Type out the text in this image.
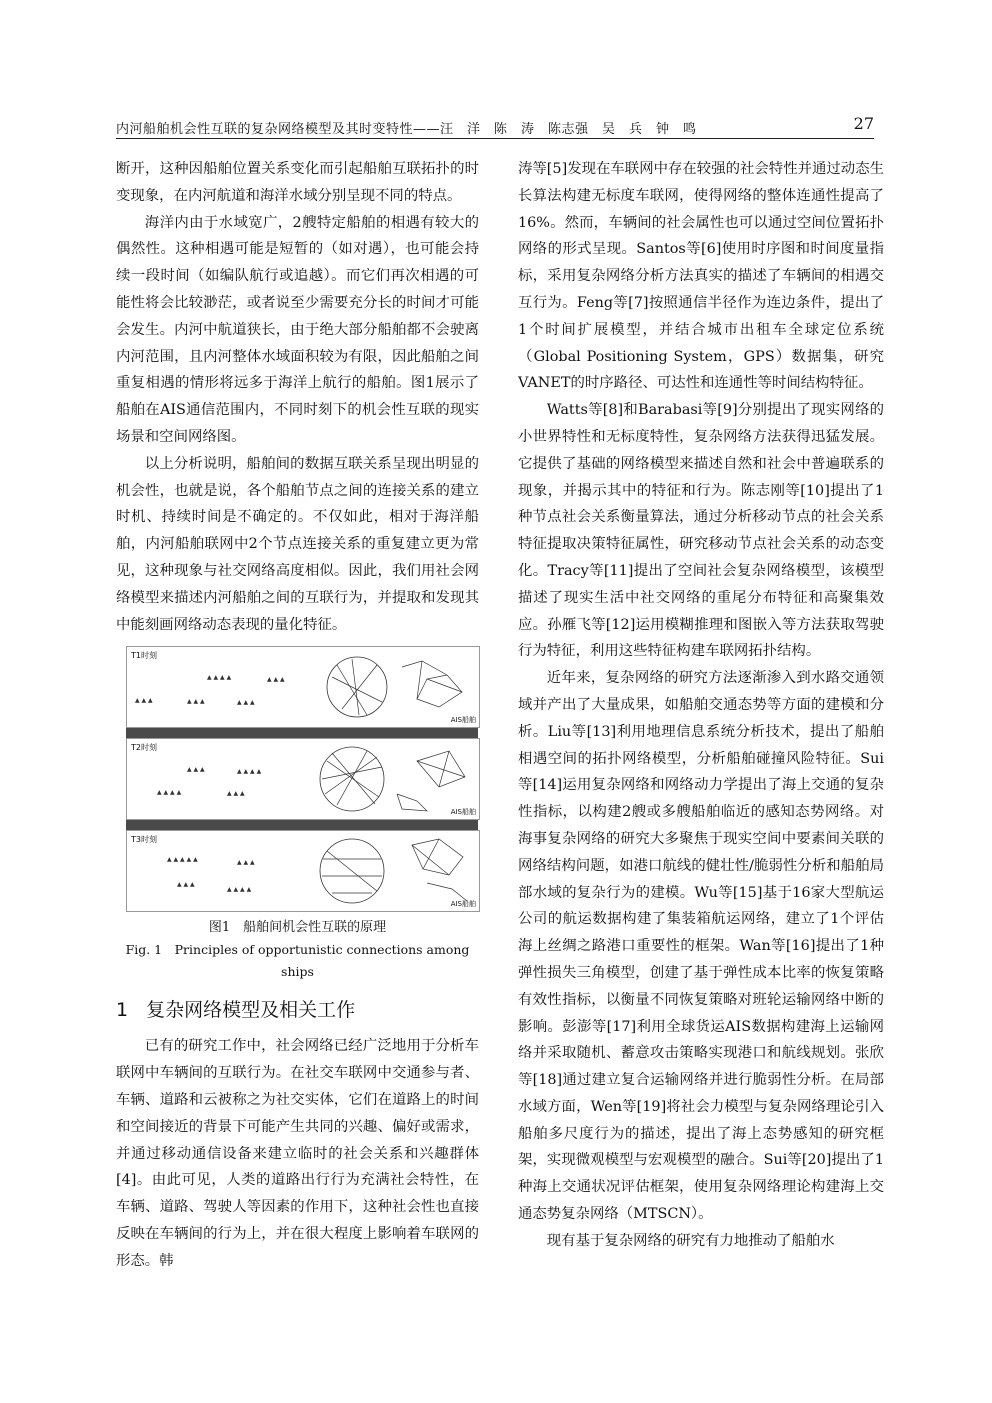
内河船舶机会性互联的复杂网络模型及其时变特性——汪　洋　陈　涛　陈志强　吴　兵　钟　鸣	27

断开，这种因船舶位置关系变化而引起船舶互联拓扑的时变现象，在内河航道和海洋水域分别呈现不同的特点。

海洋内由于水域宽广，2艘特定船舶的相遇有较大的偶然性。这种相遇可能是短暂的（如对遇），也可能会持续一段时间（如编队航行或追越）。而它们再次相遇的可能性将会比较渺茫，或者说至少需要充分长的时间才可能会发生。内河中航道狭长，由于绝大部分船舶都不会驶离内河范围，且内河整体水域面积较为有限，因此船舶之间重复相遇的情形将远多于海洋上航行的船舶。图1展示了船舶在AIS通信范围内，不同时刻下的机会性互联的现实场景和空间网络图。

以上分析说明，船舶间的数据互联关系呈现出明显的机会性，也就是说，各个船舶节点之间的连接关系的建立时机、持续时间是不确定的。不仅如此，相对于海洋船舶，内河船舶联网中2个节点连接关系的重复建立更为常见，这种现象与社交网络高度相似。因此，我们用社会网络模型来描述内河船舶之间的互联行为，并提取和发现其中能刻画网络动态表现的量化特征。

T1时刻
▲ ▲ ▲ ▲	▲ ▲ ▲
▲ ▲ ▲	▲ ▲ ▲	▲ ▲ ▲
AIS船舶
T2时刻
▲ ▲ ▲	▲ ▲ ▲ ▲
▲ ▲ ▲ ▲	▲ ▲ ▲
AIS船舶
T3时刻
▲ ▲ ▲ ▲ ▲	▲ ▲ ▲
▲ ▲ ▲
▲ ▲ ▲ ▲
AIS船舶

图1　船舶间机会性互联的原理

Fig. 1　Principles of opportunistic connections among ships

1 复杂网络模型及相关工作

已有的研究工作中，社会网络已经广泛地用于分析车联网中车辆间的互联行为。在社交车联网中交通参与者、车辆、道路和云被称之为社交实体，它们在道路上的时间和空间接近的背景下可能产生共同的兴趣、偏好或需求，并通过移动通信设备来建立临时的社会关系和兴趣群体[4]。由此可见，人类的道路出行行为充满社会特性，在车辆、道路、驾驶人等因素的作用下，这种社会性也直接反映在车辆间的行为上，并在很大程度上影响着车联网的形态。韩

涛等[5]发现在车联网中存在较强的社会特性并通过动态生长算法构建无标度车联网，使得网络的整体连通性提高了16%。然而，车辆间的社会属性也可以通过空间位置拓扑网络的形式呈现。Santos等[6]使用时序图和时间度量指标，采用复杂网络分析方法真实的描述了车辆间的相遇交互行为。Feng等[7]按照通信半径作为连边条件，提出了1个时间扩展模型，并结合城市出租车全球定位系统（Global Positioning System，GPS）数据集，研究VANET的时序路径、可达性和连通性等时间结构特征。

Watts等[8]和Barabasi等[9]分别提出了现实网络的小世界特性和无标度特性，复杂网络方法获得迅猛发展。它提供了基础的网络模型来描述自然和社会中普遍联系的现象，并揭示其中的特征和行为。陈志刚等[10]提出了1种节点社会关系衡量算法，通过分析移动节点的社会关系特征提取决策特征属性，研究移动节点社会关系的动态变化。Tracy等[11]提出了空间社会复杂网络模型，该模型描述了现实生活中社交网络的重尾分布特征和高聚集效应。孙雁飞等[12]运用模糊推理和图嵌入等方法获取驾驶行为特征，利用这些特征构建车联网拓扑结构。

近年来，复杂网络的研究方法逐渐渗入到水路交通领域并产出了大量成果，如船舶交通态势等方面的建模和分析。Liu等[13]利用地理信息系统分析技术，提出了船舶相遇空间的拓扑网络模型，分析船舶碰撞风险特征。Sui等[14]运用复杂网络和网络动力学提出了海上交通的复杂性指标，以构建2艘或多艘船舶临近的感知态势网络。对海事复杂网络的研究大多聚焦于现实空间中要素间关联的网络结构问题，如港口航线的健壮性/脆弱性分析和船舶局部水域的复杂行为的建模。Wu等[15]基于16家大型航运公司的航运数据构建了集装箱航运网络，建立了1个评估海上丝绸之路港口重要性的框架。Wan等[16]提出了1种弹性损失三角模型，创建了基于弹性成本比率的恢复策略有效性指标，以衡量不同恢复策略对班轮运输网络中断的影响。彭澎等[17]利用全球货运AIS数据构建海上运输网络并采取随机、蓄意攻击策略实现港口和航线规划。张欣等[18]通过建立复合运输网络并进行脆弱性分析。在局部水域方面，Wen等[19]将社会力模型与复杂网络理论引入船舶多尺度行为的描述，提出了海上态势感知的研究框架，实现微观模型与宏观模型的融合。Sui等[20]提出了1种海上交通状况评估框架，使用复杂网络理论构建海上交通态势复杂网络（MTSCN）。

现有基于复杂网络的研究有力地推动了船舶水
